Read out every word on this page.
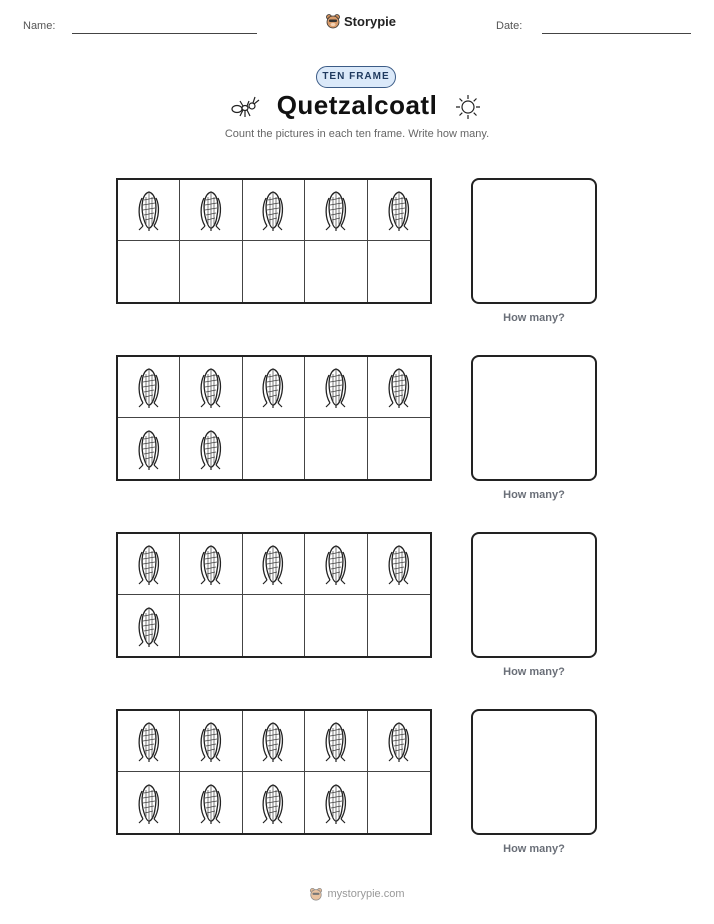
Name:	Storypie	Date:
TEN FRAME
Quetzalcoatl
Count the pictures in each ten frame. Write how many.
How many?
How many?
How many?
How many?
mystorypie.com
